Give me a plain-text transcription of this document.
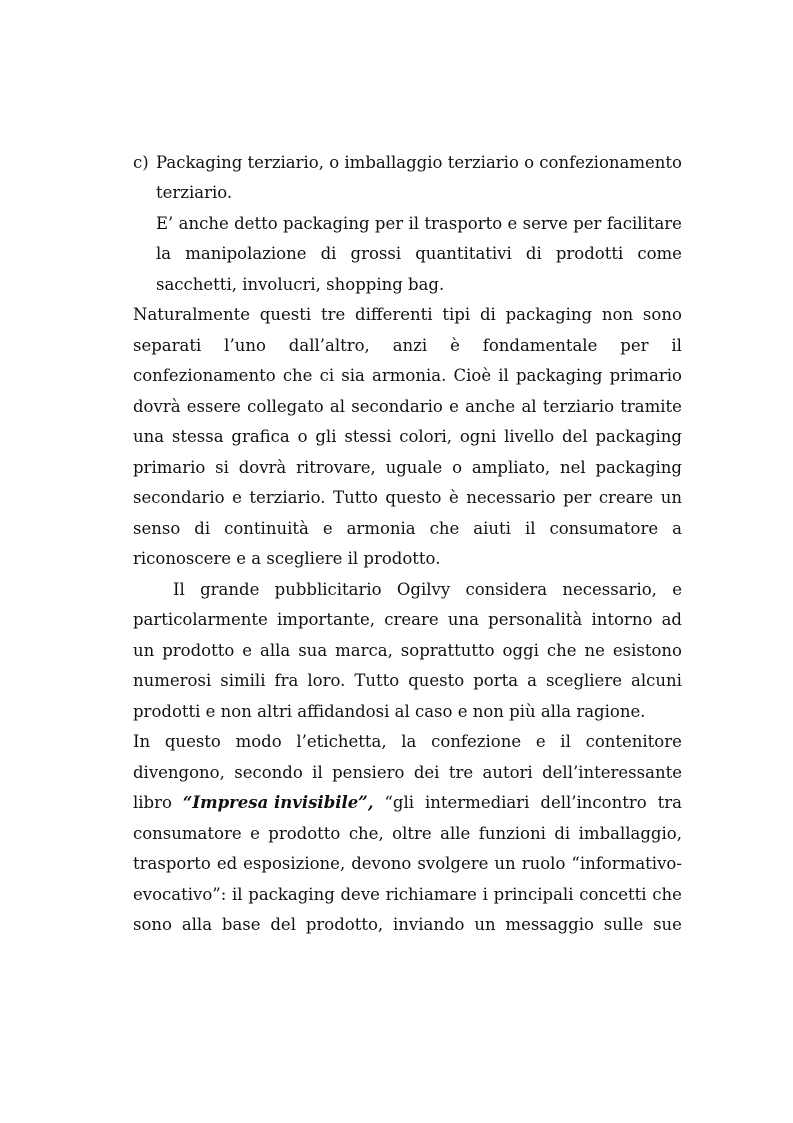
c) Packaging terziario, o imballaggio terziario o confezionamento
terziario.
E’ anche detto packaging per il trasporto e serve per facilitare
la manipolazione di grossi quantitativi di prodotti come
sacchetti, involucri, shopping bag.
Naturalmente questi tre differenti tipi di packaging non sono
separati l’uno dall’altro, anzi è fondamentale per il
confezionamento che ci sia armonia. Cioè il packaging primario
dovrà essere collegato al secondario e anche al terziario tramite
una stessa grafica o gli stessi colori, ogni livello del packaging
primario si dovrà ritrovare, uguale o ampliato, nel packaging
secondario e terziario. Tutto questo è necessario per creare un
senso di continuità e armonia che aiuti il consumatore a
riconoscere e a scegliere il prodotto.
Il grande pubblicitario Ogilvy considera necessario, e
particolarmente importante, creare una personalità intorno ad
un prodotto e alla sua marca, soprattutto oggi che ne esistono
numerosi simili fra loro. Tutto questo porta a scegliere alcuni
prodotti e non altri affidandosi al caso e non più alla ragione.
In questo modo l’etichetta, la confezione e il contenitore
divengono, secondo il pensiero dei tre autori dell’interessante
libro “Impresa invisibile”, “gli intermediari dell’incontro tra
consumatore e prodotto che, oltre alle funzioni di imballaggio,
trasporto ed esposizione, devono svolgere un ruolo “informativo-
evocativo”: il packaging deve richiamare i principali concetti che
sono alla base del prodotto, inviando un messaggio sulle sue
